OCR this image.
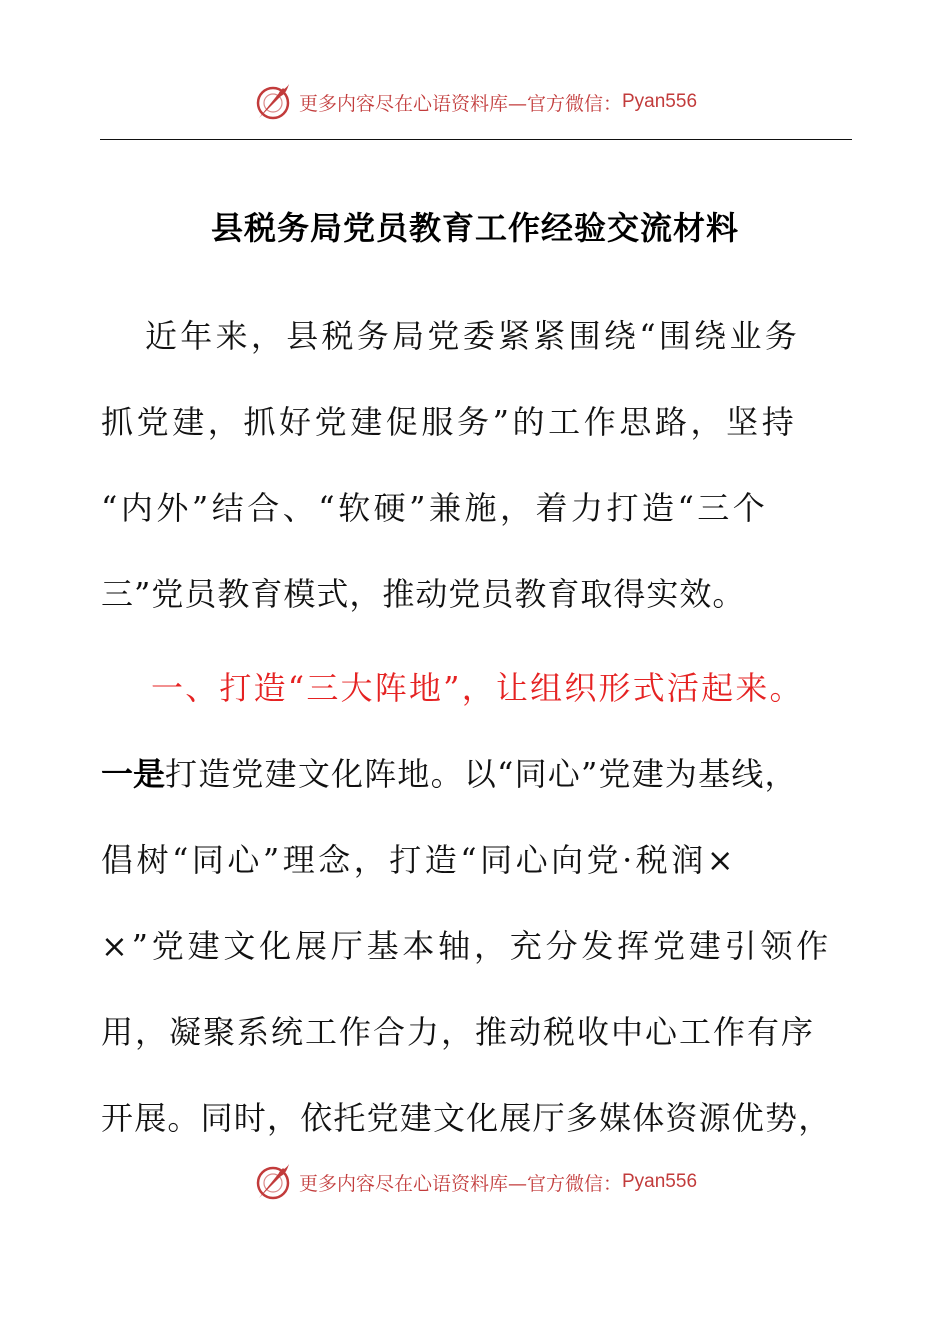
更多内容尽在心语资料库—官方微信： Pyan556
县税务局党员教育工作经验交流材料
近年来，县税务局党委紧紧围绕“围绕业务
抓党建，抓好党建促服务”的工作思路，坚持
“内外”结合、“软硬”兼施，着力打造“三个
三”党员教育模式，推动党员教育取得实效。
一、打造“三大阵地”，让组织形式活起来。
一是打造党建文化阵地。以“同心”党建为基线，
倡树“同心”理念，打造“同心向党·税润×
×”党建文化展厅基本轴，充分发挥党建引领作
用，凝聚系统工作合力，推动税收中心工作有序
开展。同时，依托党建文化展厅多媒体资源优势，
更多内容尽在心语资料库—官方微信： Pyan556
